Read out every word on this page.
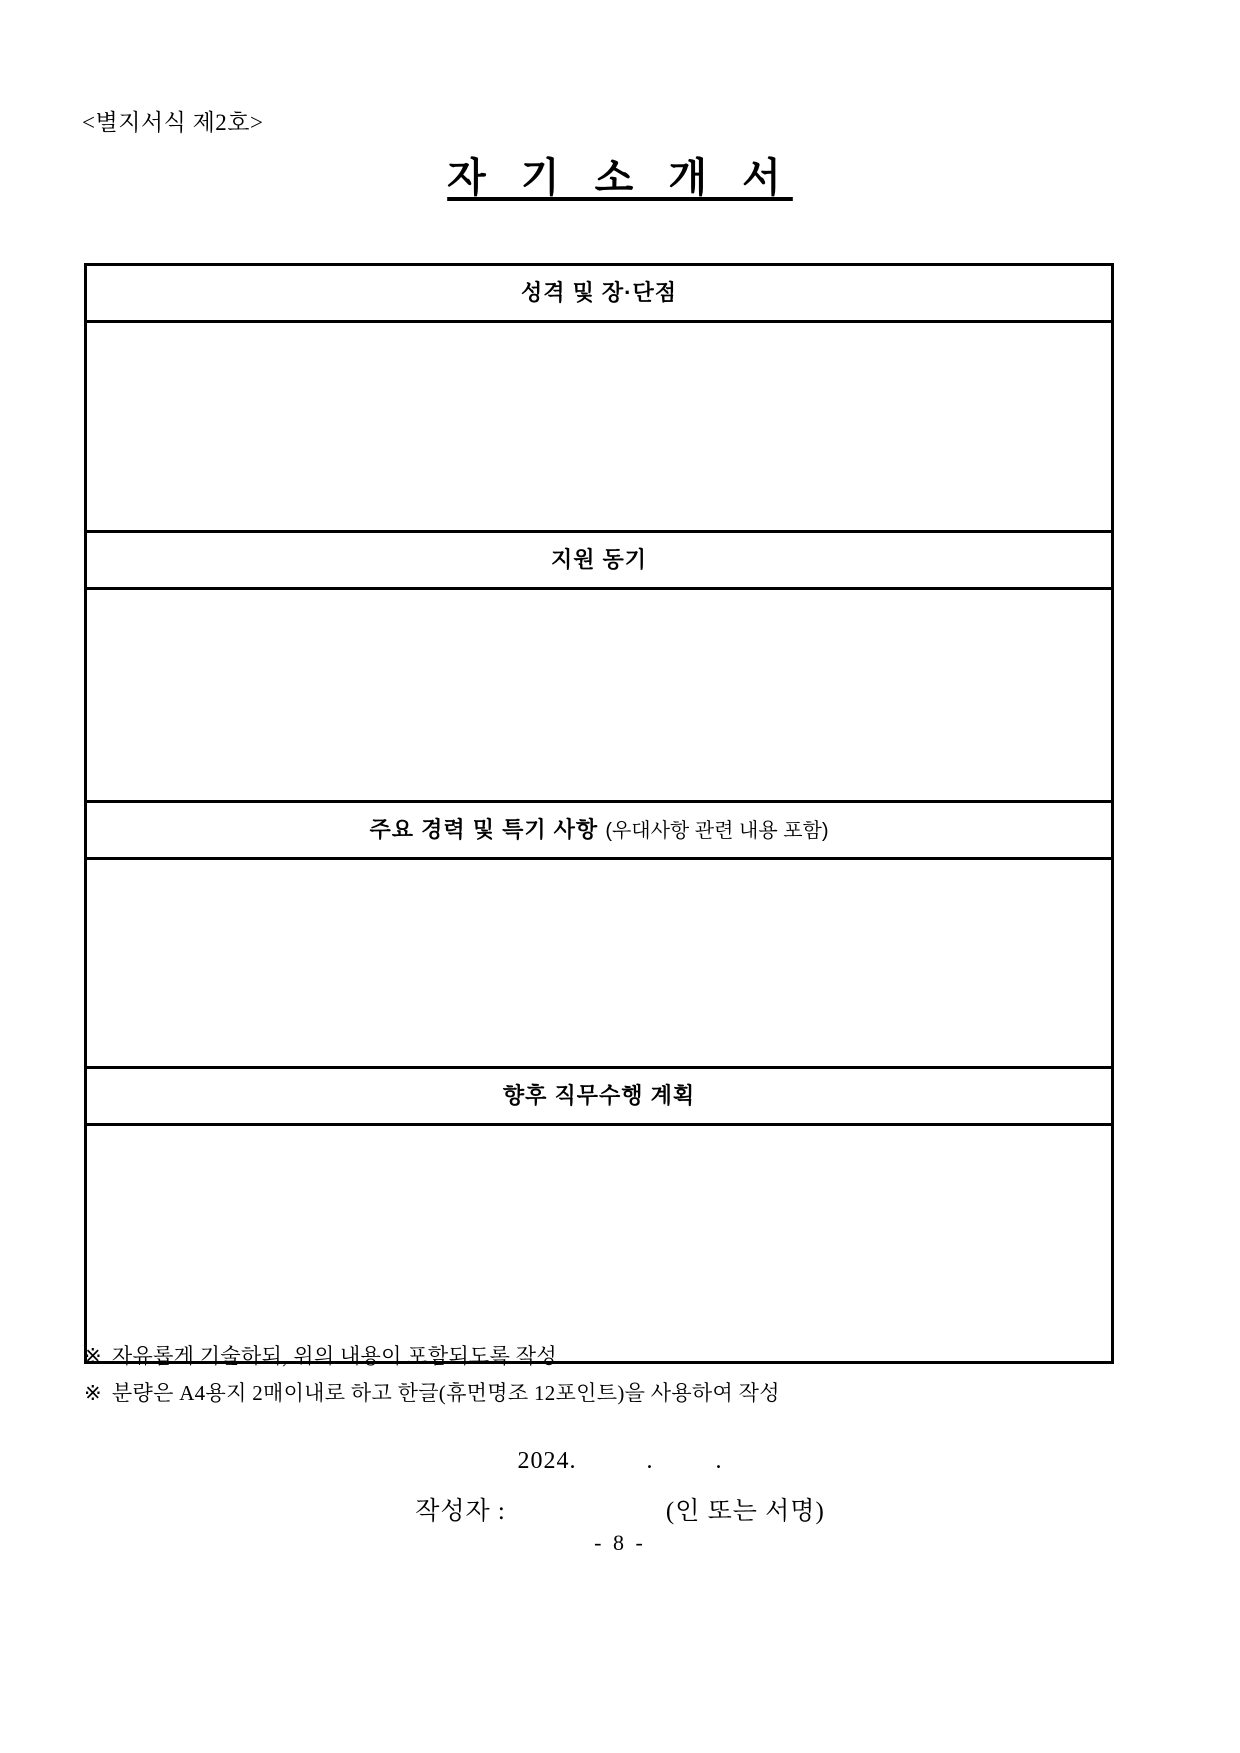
<별지서식 제2호>
자 기 소 개 서
성격 및 장·단점
지원 동기
주요 경력 및 특기 사항 (우대사항 관련 내용 포함)
향후 직무수행 계획
※ 자유롭게 기술하되, 위의 내용이 포함되도록 작성
※ 분량은 A4용지 2매이내로 하고 한글(휴먼명조 12포인트)을 사용하여 작성
2024.	.	.
작성자 :	(인 또는 서명)
- 8 -
